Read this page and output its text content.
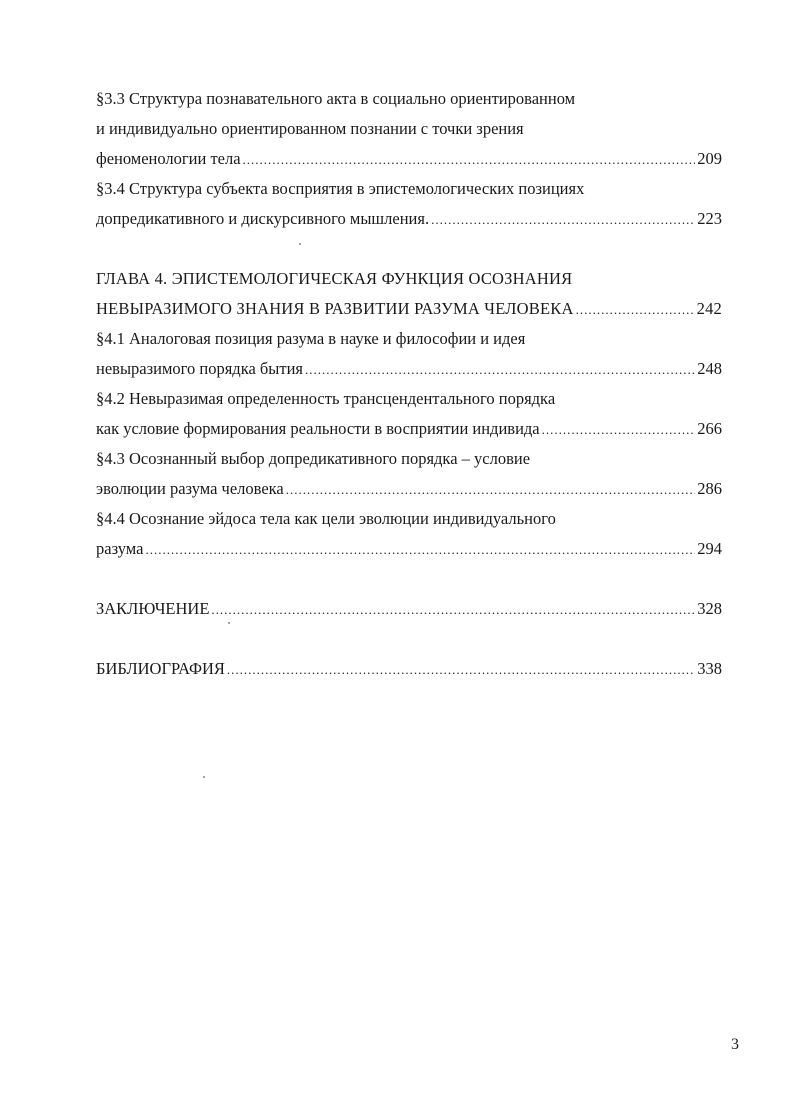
§3.3 Структура познавательного акта в социально ориентированном
и индивидуально ориентированном познании с точки зрения
феноменологии тела .....	209
§3.4 Структура субъекта восприятия в эпистемологических позициях
допредикативного и дискурсивного мышления. .....	223
ГЛАВА 4. ЭПИСТЕМОЛОГИЧЕСКАЯ ФУНКЦИЯ ОСОЗНАНИЯ
НЕВЫРАЗИМОГО ЗНАНИЯ В РАЗВИТИИ РАЗУМА ЧЕЛОВЕКА .....	242
§4.1 Аналоговая позиция разума в науке и философии и идея
невыразимого порядка бытия .....	248
§4.2 Невыразимая определенность трансцендентального порядка
как условие формирования реальности в восприятии индивида .....	266
§4.3 Осознанный выбор допредикативного порядка – условие
эволюции разума человека .....	286
§4.4 Осознание эйдоса тела как цели эволюции индивидуального
разума .....	294
ЗАКЛЮЧЕНИЕ .....	328
БИБЛИОГРАФИЯ .....	338
3
